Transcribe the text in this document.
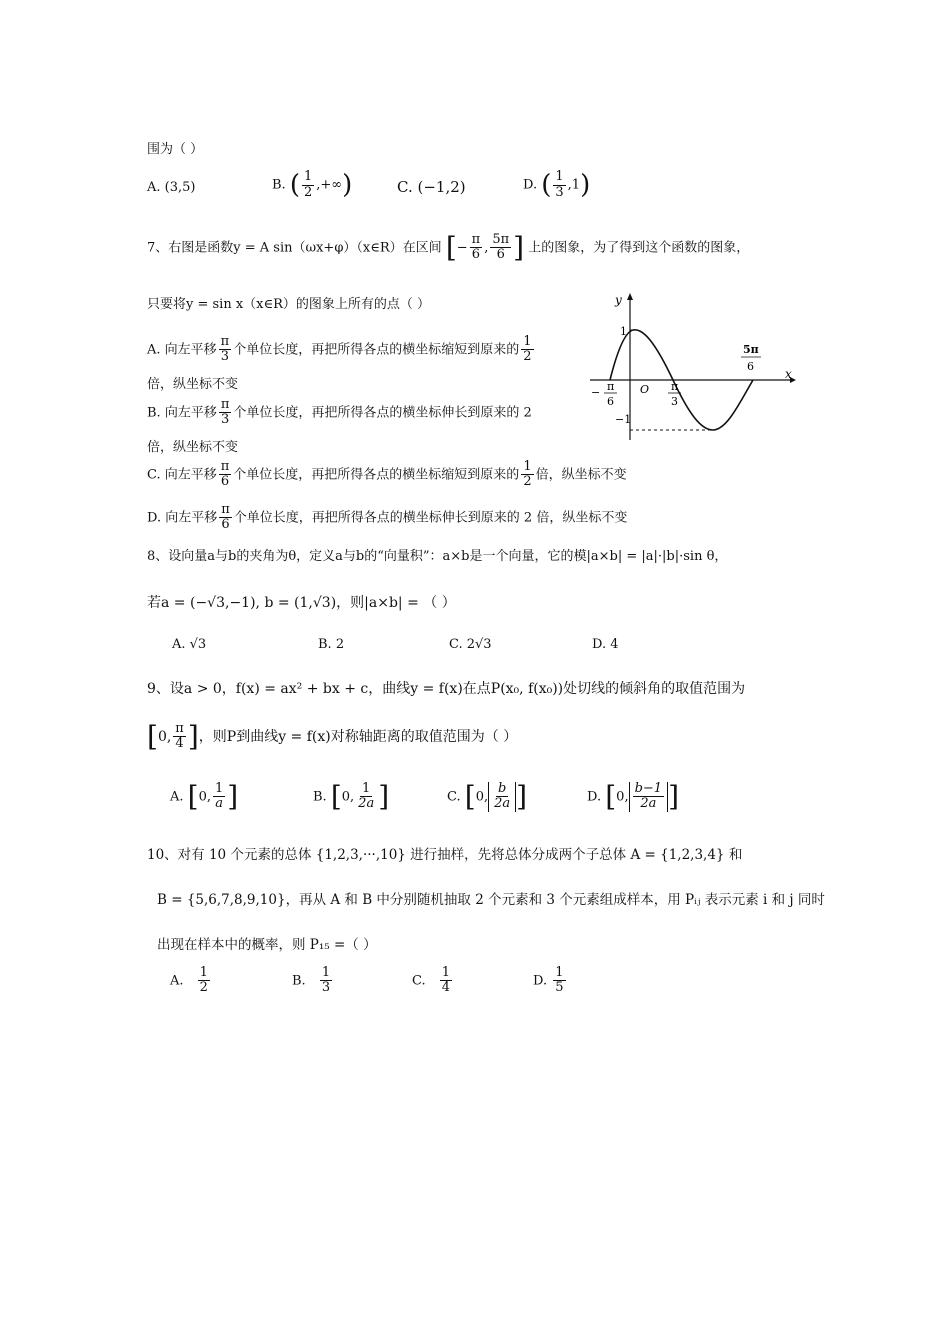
围为（ ）
A. (3,5)	B. ( $\frac{1}{2}$ ,+∞)	C. (−1,2)	D. ( $\frac{1}{3} ,1$)
7、右图是函数y = A sin（ωx+φ）（x∈R）在区间 [− $\frac{\pi}{6}$ , $\frac{5\pi}{6}$ ] 上的图象，为了得到这个函数的图象，
只要将y = sin x（x∈R）的图象上所有的点（ ）
A. 向左平移 $\frac{\pi}{3}$ 个单位长度，再把所得各点的横坐标缩短到原来的 $\frac{1}{2}$
倍，纵坐标不变
B. 向左平移 $\frac{\pi}{3}$ 个单位长度，再把所得各点的横坐标伸长到原来的 2
倍，纵坐标不变
C. 向左平移 $\frac{\pi}{6}$ 个单位长度，再把所得各点的横坐标缩短到原来的 $\frac{1}{2}$ 倍，纵坐标不变
D. 向左平移 $\frac{\pi}{6}$ 个单位长度，再把所得各点的横坐标伸长到原来的 2 倍，纵坐标不变
y
x
1
−1
O
− π
6
π
3
5π
6
8、设向量a与b的夹角为θ，定义a与b的“向量积”：a×b是一个向量，它的模|a×b| = |a|·|b|·sin θ，
若a = (−√3,−1), b = (1,√3)，则|a×b| = （ ）
A. √3	B. 2	C. 2√3	D. 4
9、设a > 0，f(x) = ax² + bx + c，曲线y = f(x)在点P(x₀, f(x₀))处切线的倾斜角的取值范围为
[0, $\frac{\pi}{4}$ ]，则P到曲线y = f(x)对称轴距离的取值范围为（ ）
A. [0, $\frac{1}{a}$ ]	B. [0, $\frac{1}{2a}$ ]	C. [0, $\frac{b}{2a}$ ]	D. [0, $\frac{b-1}{2a}$ ]
10、对有 10 个元素的总体 {1,2,3,···,10} 进行抽样，先将总体分成两个子总体 A = {1,2,3,4} 和
B = {5,6,7,8,9,10}，再从 A 和 B 中分别随机抽取 2 个元素和 3 个元素组成样本，用 Pᵢⱼ 表示元素 i 和 j 同时
出现在样本中的概率，则 P₁₅ =（ ）
A. $\frac{1}{2}$	B. $\frac{1}{3}$	C. $\frac{1}{4}$	D. $\frac{1}{5}$
